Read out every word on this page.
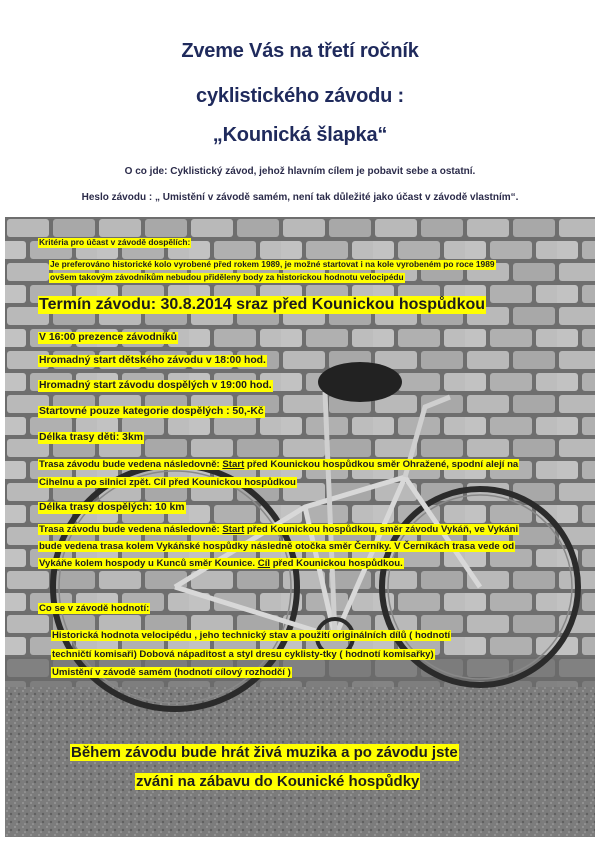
Zveme Vás na třetí ročník
cyklistického závodu :
„Kounická šlapka“
O co jde: Cyklistický závod, jehož hlavním cílem je pobavit sebe a ostatní.
Heslo závodu : „ Umistění v závodě samém, není tak důležité jako účast v závodě vlastním“.
Kritéria pro účast v závodě dospělích:
Je preferováno historické kolo vyrobené před rokem 1989, je možné startovat i na kole vyrobeném po roce 1989
ovšem takovým závodníkům nebudou přiděleny body za historickou hodnotu velocipédu
Termín závodu: 30.8.2014 sraz před Kounickou hospůdkou
V 16:00 prezence závodníků
Hromadný start dětského závodu v 18:00 hod.
Hromadný start závodu dospělých v 19:00 hod.
Startovné pouze kategorie dospělých : 50,-Kč
Délka trasy děti: 3km
Trasa závodu bude vedena následovně: Start před Kounickou hospůdkou směr Ohražené, spodní alejí na
Cihelnu a po silnici zpět. Cíl před Kounickou hospůdkou
Délka trasy dospělých: 10 km
Trasa závodu bude vedena následovně: Start před Kounickou hospůdkou, směr závodu Vykáň, ve Vykáni
bude vedena trasa kolem Vykáňské hospůdky následně otočka směr Černíky. V Černíkách trasa vede od
Vykáňe kolem hospody u Kunců směr Kounice. Cíl před Kounickou hospůdkou.
Co se v závodě hodnotí:
Historická hodnota velocipédu , jeho technický stav a použití originálních dílů ( hodnotí
techničtí komisaři) Dobová nápaditost a styl dresu cyklisty-tky ( hodnotí komisařky)
Umistění v závodě samém (hodnotí cílový rozhodčí )
Během závodu bude hrát živá muzika a po závodu jste
zváni na zábavu do Kounické hospůdky
